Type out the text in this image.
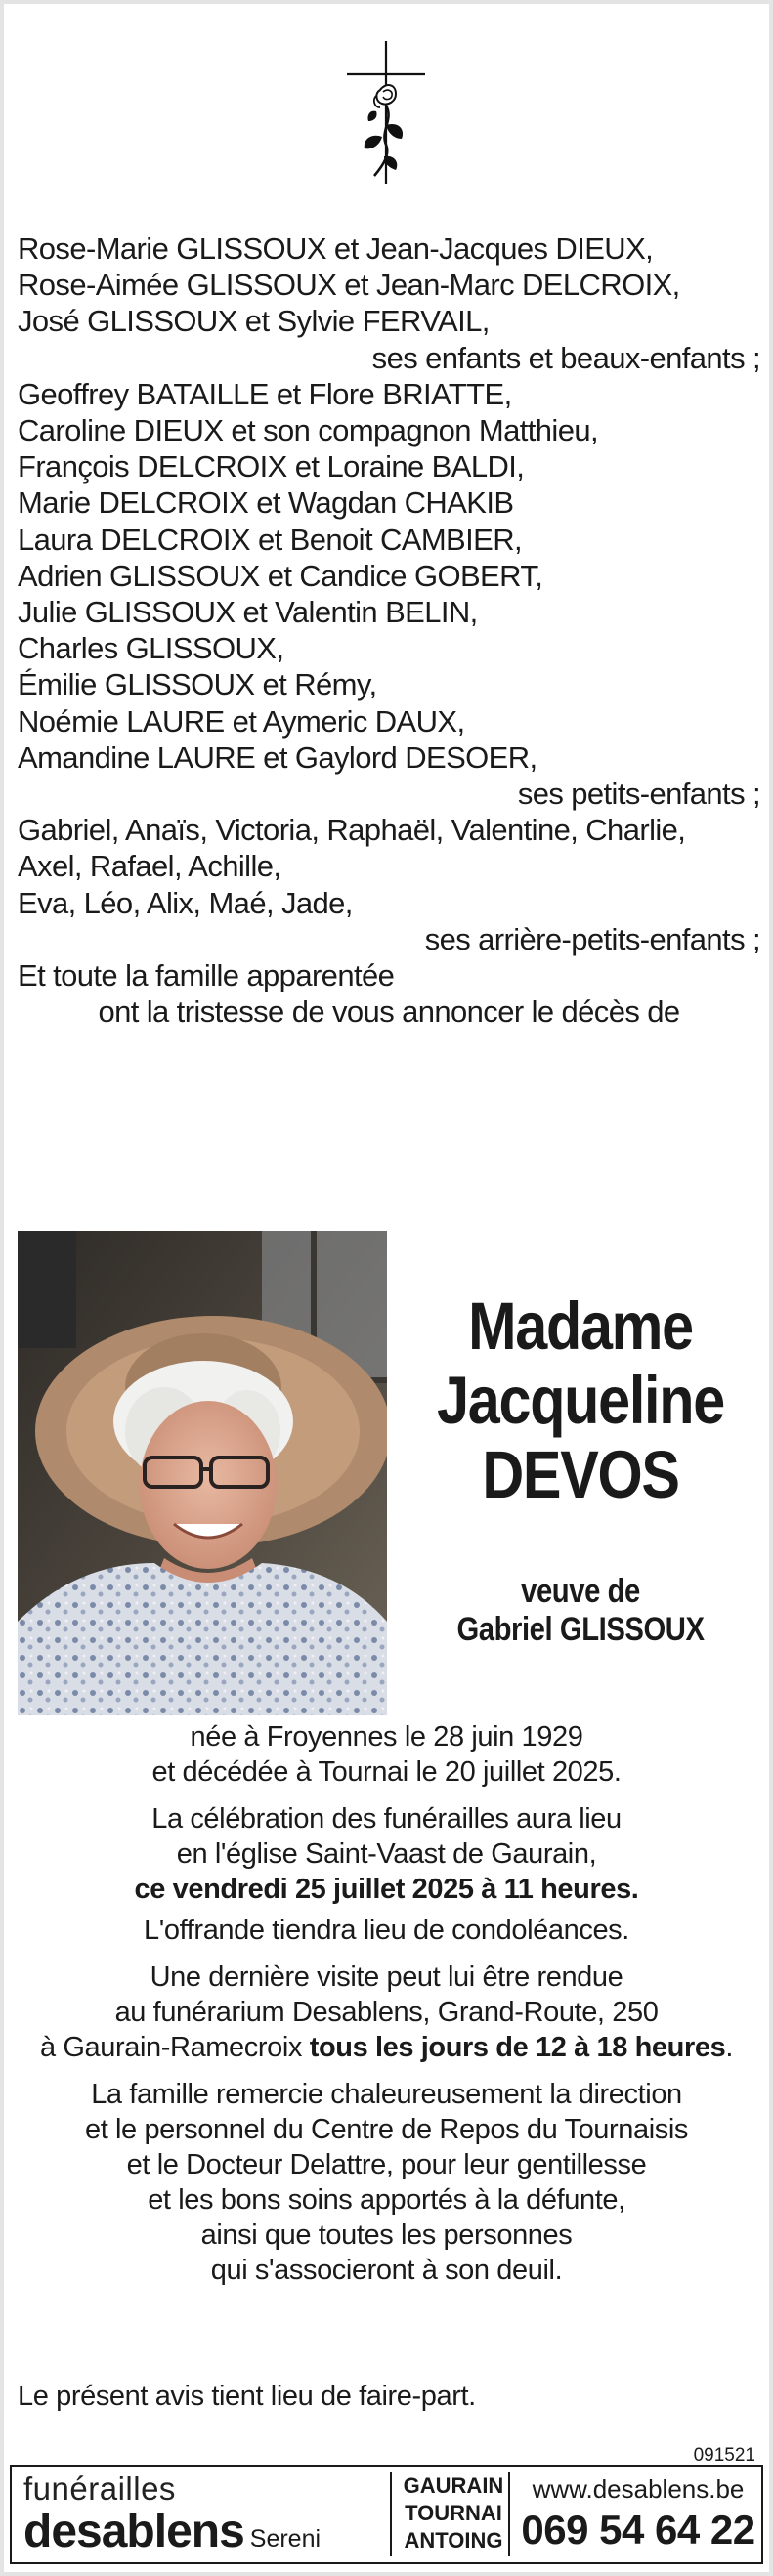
Rose-Marie GLISSOUX et Jean-Jacques DIEUX,
Rose-Aimée GLISSOUX et Jean-Marc DELCROIX,
José GLISSOUX et Sylvie FERVAIL,
ses enfants et beaux-enfants ;
Geoffrey BATAILLE et Flore BRIATTE,
Caroline DIEUX et son compagnon Matthieu,
François DELCROIX et Loraine BALDI,
Marie DELCROIX et Wagdan CHAKIB
Laura DELCROIX et Benoit CAMBIER,
Adrien GLISSOUX et Candice GOBERT,
Julie GLISSOUX et Valentin BELIN,
Charles GLISSOUX,
Émilie GLISSOUX et Rémy,
Noémie LAURE et Aymeric DAUX,
Amandine LAURE et Gaylord DESOER,
ses petits-enfants ;
Gabriel, Anaïs, Victoria, Raphaël, Valentine, Charlie,
Axel, Rafael, Achille,
Eva, Léo, Alix, Maé, Jade,
ses arrière-petits-enfants ;
Et toute la famille apparentée
ont la tristesse de vous annoncer le décès de
Madame
Jacqueline
DEVOS
veuve de
Gabriel GLISSOUX

née à Froyennes le 28 juin 1929

et décédée à Tournai le 20 juillet 2025.

La célébration des funérailles aura lieu

en l'église Saint-Vaast de Gaurain,

ce vendredi 25 juillet 2025 à 11 heures.

L'offrande tiendra lieu de condoléances.

Une dernière visite peut lui être rendue

au funérarium Desablens, Grand-Route, 250

à Gaurain-Ramecroix tous les jours de 12 à 18 heures.

La famille remercie chaleureusement la direction

et le personnel du Centre de Repos du Tournaisis

et le Docteur Delattre, pour leur gentillesse

et les bons soins apportés à la défunte,

ainsi que toutes les personnes

qui s'associeront à son deuil.

Le présent avis tient lieu de faire-part.
091521
funérailles
desablens Sereni
GAURAIN
TOURNAI
ANTOING
www.desablens.be
069 54 64 22
